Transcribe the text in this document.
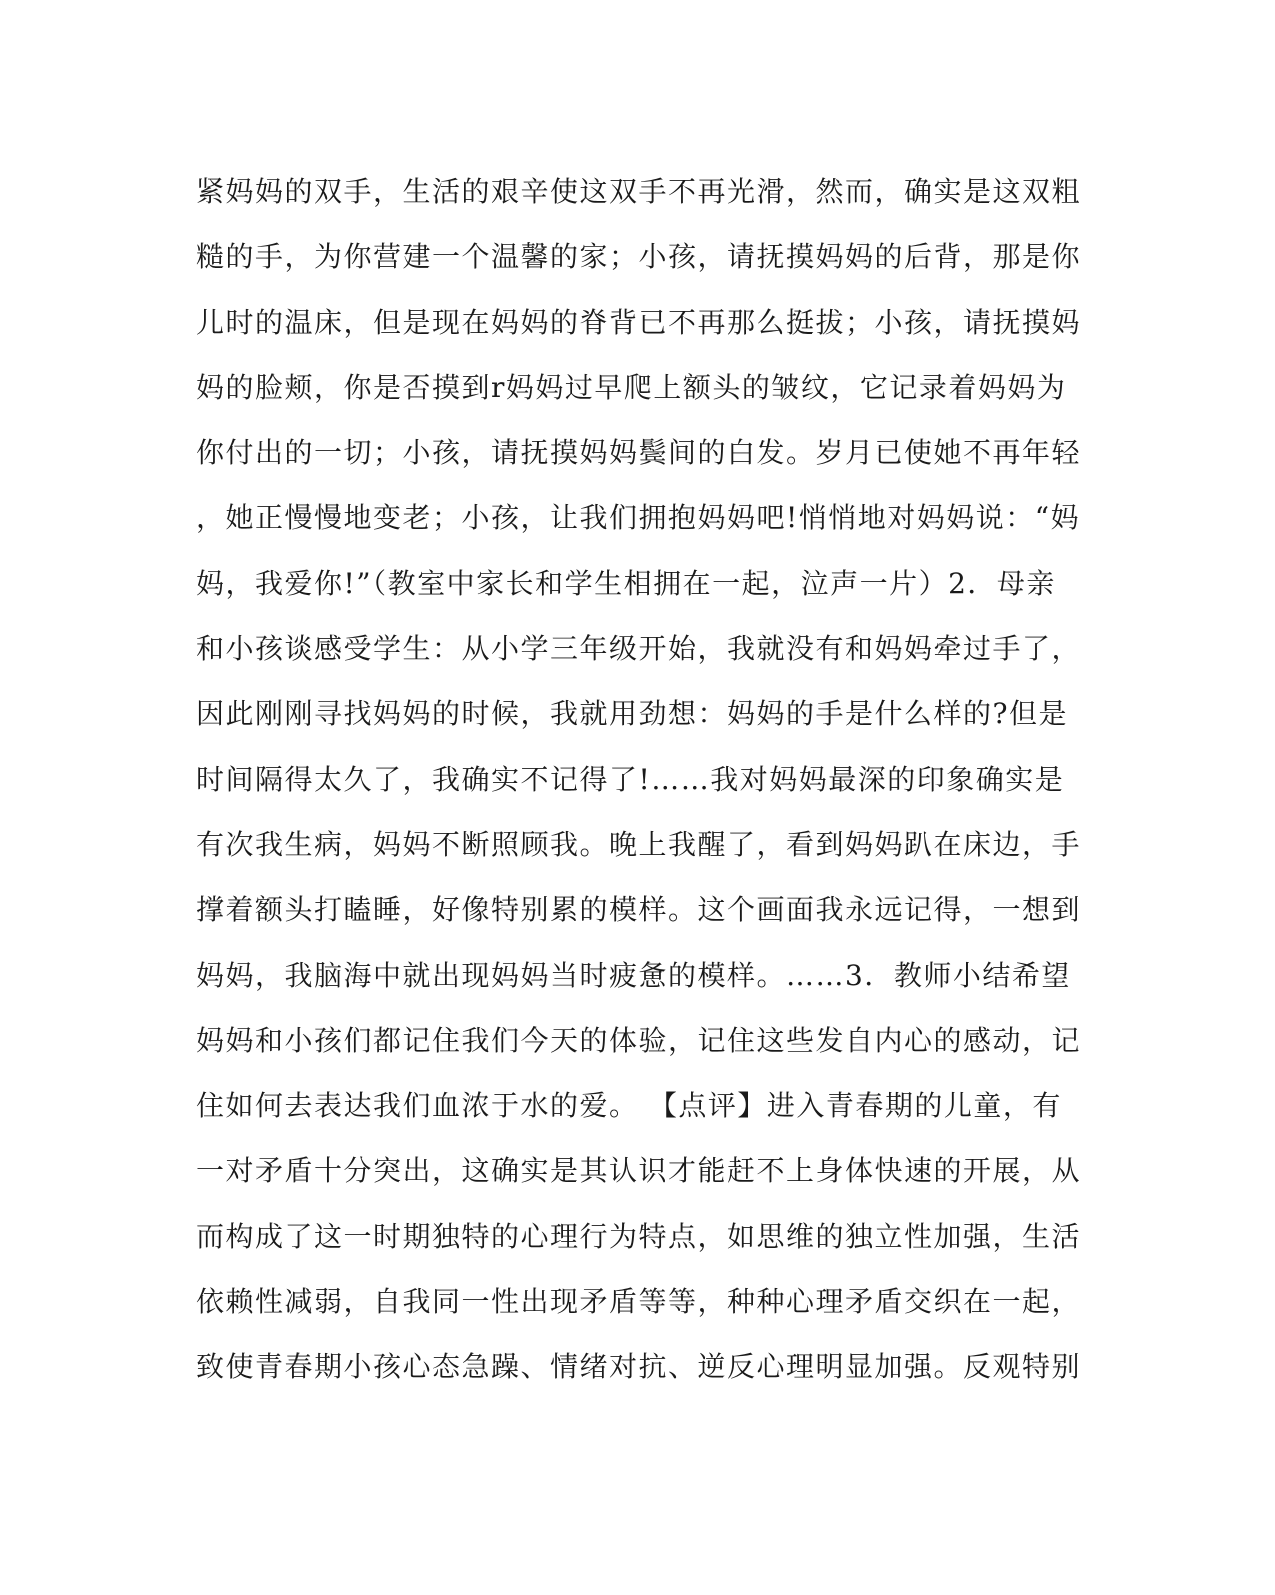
紧妈妈的双手，生活的艰辛使这双手不再光滑，然而，确实是这双粗
糙的手，为你营建一个温馨的家；小孩，请抚摸妈妈的后背，那是你
儿时的温床，但是现在妈妈的脊背已不再那么挺拔；小孩，请抚摸妈
妈的脸颊，你是否摸到r妈妈过早爬上额头的皱纹，它记录着妈妈为
你付出的一切；小孩，请抚摸妈妈鬓间的白发。岁月已使她不再年轻
，她正慢慢地变老；小孩，让我们拥抱妈妈吧!悄悄地对妈妈说：“妈
妈，我爱你!”（教室中家长和学生相拥在一起，泣声一片）2．母亲
和小孩谈感受学生：从小学三年级开始，我就没有和妈妈牵过手了，
因此刚刚寻找妈妈的时候，我就用劲想：妈妈的手是什么样的?但是
时间隔得太久了，我确实不记得了!……我对妈妈最深的印象确实是
有次我生病，妈妈不断照顾我。晚上我醒了，看到妈妈趴在床边，手
撑着额头打瞌睡，好像特别累的模样。这个画面我永远记得，一想到
妈妈，我脑海中就出现妈妈当时疲惫的模样。……3．教师小结希望
妈妈和小孩们都记住我们今天的体验，记住这些发自内心的感动，记
住如何去表达我们血浓于水的爱。 【点评】进入青春期的儿童，有
一对矛盾十分突出，这确实是其认识才能赶不上身体快速的开展，从
而构成了这一时期独特的心理行为特点，如思维的独立性加强，生活
依赖性减弱，自我同一性出现矛盾等等，种种心理矛盾交织在一起，
致使青春期小孩心态急躁、情绪对抗、逆反心理明显加强。反观特别
